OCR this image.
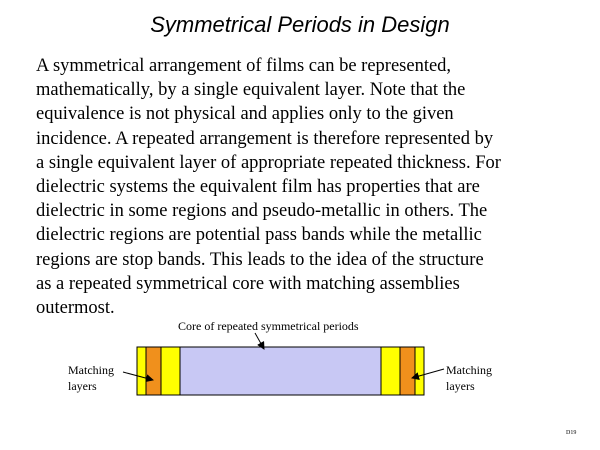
Symmetrical Periods in Design
A symmetrical arrangement of films can be represented,
mathematically, by a single equivalent layer. Note that the
equivalence is not physical and applies only to the given
incidence. A repeated arrangement is therefore represented by
a single equivalent layer of appropriate repeated thickness. For
dielectric systems the equivalent film has properties that are
dielectric in some regions and pseudo-metallic in others. The
dielectric regions are potential pass bands while the metallic
regions are stop bands. This leads to the idea of the structure
as a repeated symmetrical core with matching assemblies
outermost.
Core of repeated symmetrical periods
Matching
layers
Matching
layers
D19
